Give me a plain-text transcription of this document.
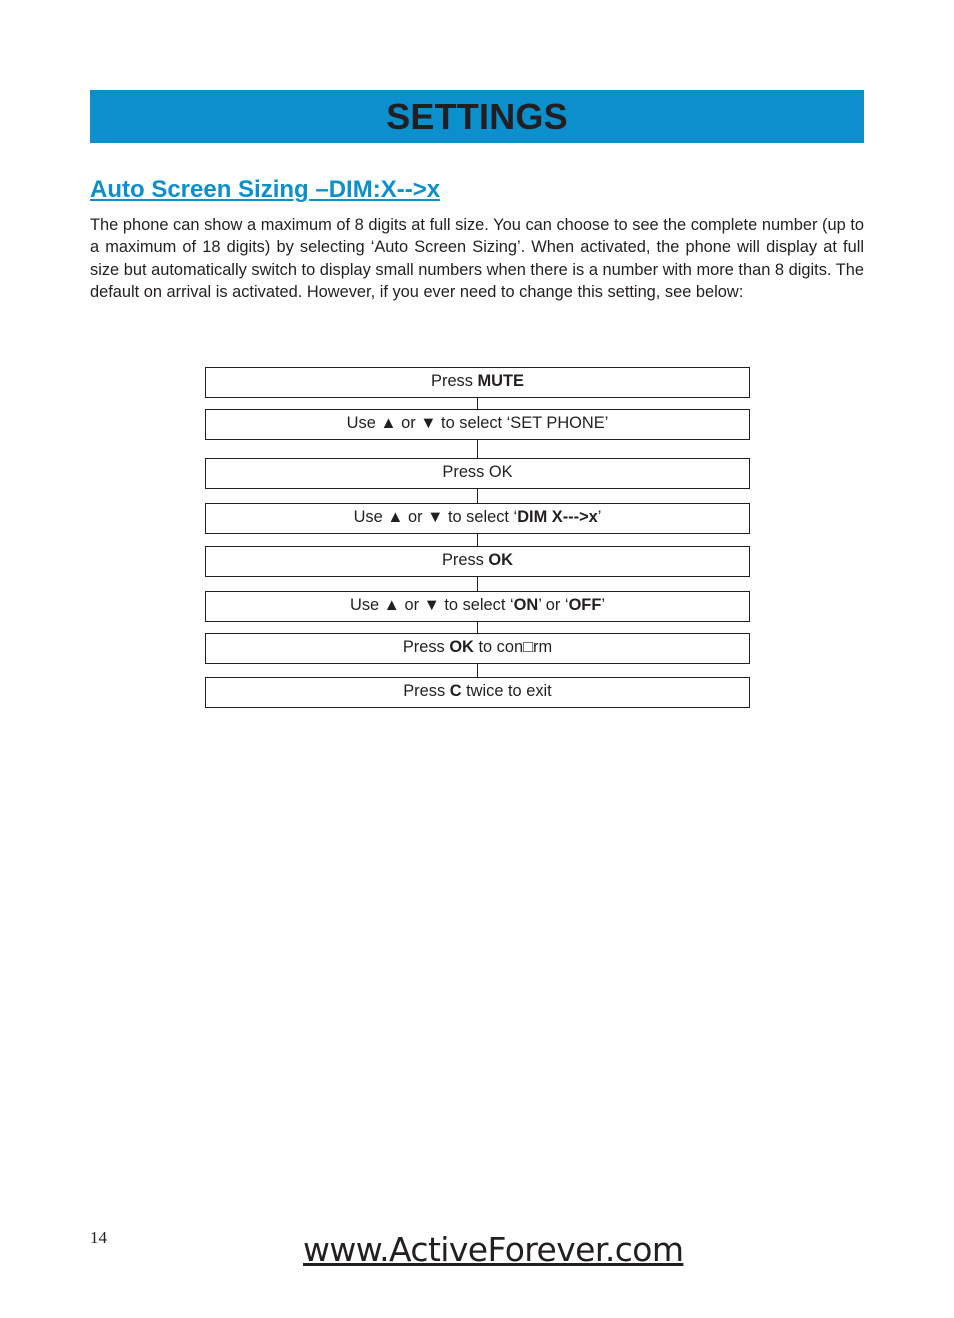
SETTINGS
Auto Screen Sizing –DIM:X-->x

The phone can show a maximum of 8 digits at full size. You can choose to see the complete number (up to a maximum of 18 digits) by selecting ‘Auto Screen Sizing’. When activated, the phone will display at full size but automatically switch to display small numbers when there is a number with more than 8 digits. The default on arrival is activated. However, if you ever need to change this setting, see below:

Press MUTE
Use ▲ or ▼ to select ‘SET PHONE’
Press OK
Use ▲ or ▼ to select ‘DIM X--->x’
Press OK
Use ▲ or ▼ to select ‘ON’ or ‘OFF’
Press OK to con□rm
Press C twice to exit
14	www.ActiveForever.com
